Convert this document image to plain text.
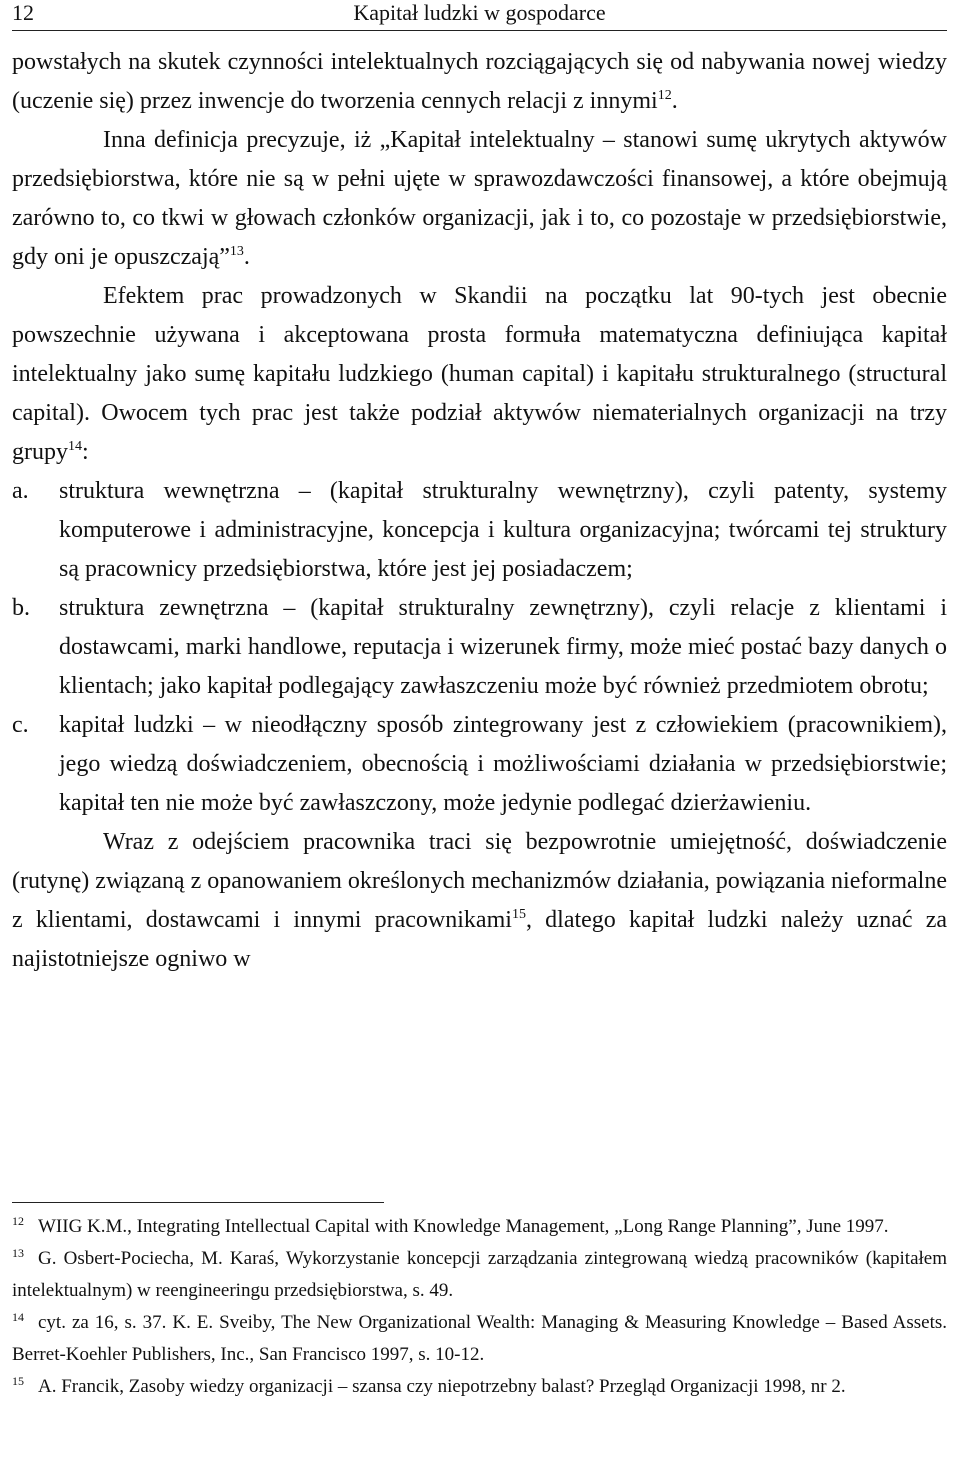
12	Kapitał ludzki w gospodarce

powstałych na skutek czynności intelektualnych rozciągających się od nabywania nowej wiedzy (uczenie się) przez inwencje do tworzenia cennych relacji z innymi$^{12}$.

Inna definicja precyzuje, iż „Kapitał intelektualny – stanowi sumę ukrytych aktywów przedsiębiorstwa, które nie są w pełni ujęte w sprawozdawczości finansowej, a które obejmują zarówno to, co tkwi w głowach członków organizacji, jak i to, co pozostaje w przedsiębiorstwie, gdy oni je opuszczają”$^{13}$.

Efektem prac prowadzonych w Skandii na początku lat 90-tych jest obecnie powszechnie używana i akceptowana prosta formuła matematyczna definiująca kapitał intelektualny jako sumę kapitału ludzkiego (human capital) i kapitału strukturalnego (structural capital). Owocem tych prac jest także podział aktywów niematerialnych organizacji na trzy grupy$^{14}$:

a. struktura wewnętrzna – (kapitał strukturalny wewnętrzny), czyli patenty, systemy komputerowe i administracyjne, koncepcja i kultura organizacyjna; twórcami tej struktury są pracownicy przedsiębiorstwa, które jest jej posiadaczem;
b. struktura zewnętrzna – (kapitał strukturalny zewnętrzny), czyli relacje z klientami i dostawcami, marki handlowe, reputacja i wizerunek firmy, może mieć postać bazy danych o klientach; jako kapitał podlegający zawłaszczeniu może być również przedmiotem obrotu;
c. kapitał ludzki – w nieodłączny sposób zintegrowany jest z człowiekiem (pracownikiem), jego wiedzą doświadczeniem, obecnością i możliwościami działania w przedsiębiorstwie; kapitał ten nie może być zawłaszczony, może jedynie podlegać dzierżawieniu.

Wraz z odejściem pracownika traci się bezpowrotnie umiejętność, doświadczenie (rutynę) związaną z opanowaniem określonych mechanizmów działania, powiązania nieformalne z klientami, dostawcami i innymi pracownikami$^{15}$, dlatego kapitał ludzki należy uznać za najistotniejsze ogniwo w

$^{12}$ WIIG K.M., Integrating Intellectual Capital with Knowledge Management, „Long Range Planning”, June 1997.

$^{13}$ G. Osbert-Pociecha, M. Karaś, Wykorzystanie koncepcji zarządzania zintegrowaną wiedzą pracowników (kapitałem intelektualnym) w reengineeringu przedsiębiorstwa, s. 49.

$^{14}$ cyt. za 16, s. 37. K. E. Sveiby, The New Organizational Wealth: Managing & Measuring Knowledge – Based Assets. Berret-Koehler Publishers, Inc., San Francisco 1997, s. 10-12.

$^{15}$ A. Francik, Zasoby wiedzy organizacji – szansa czy niepotrzebny balast? Przegląd Organizacji 1998, nr 2.
